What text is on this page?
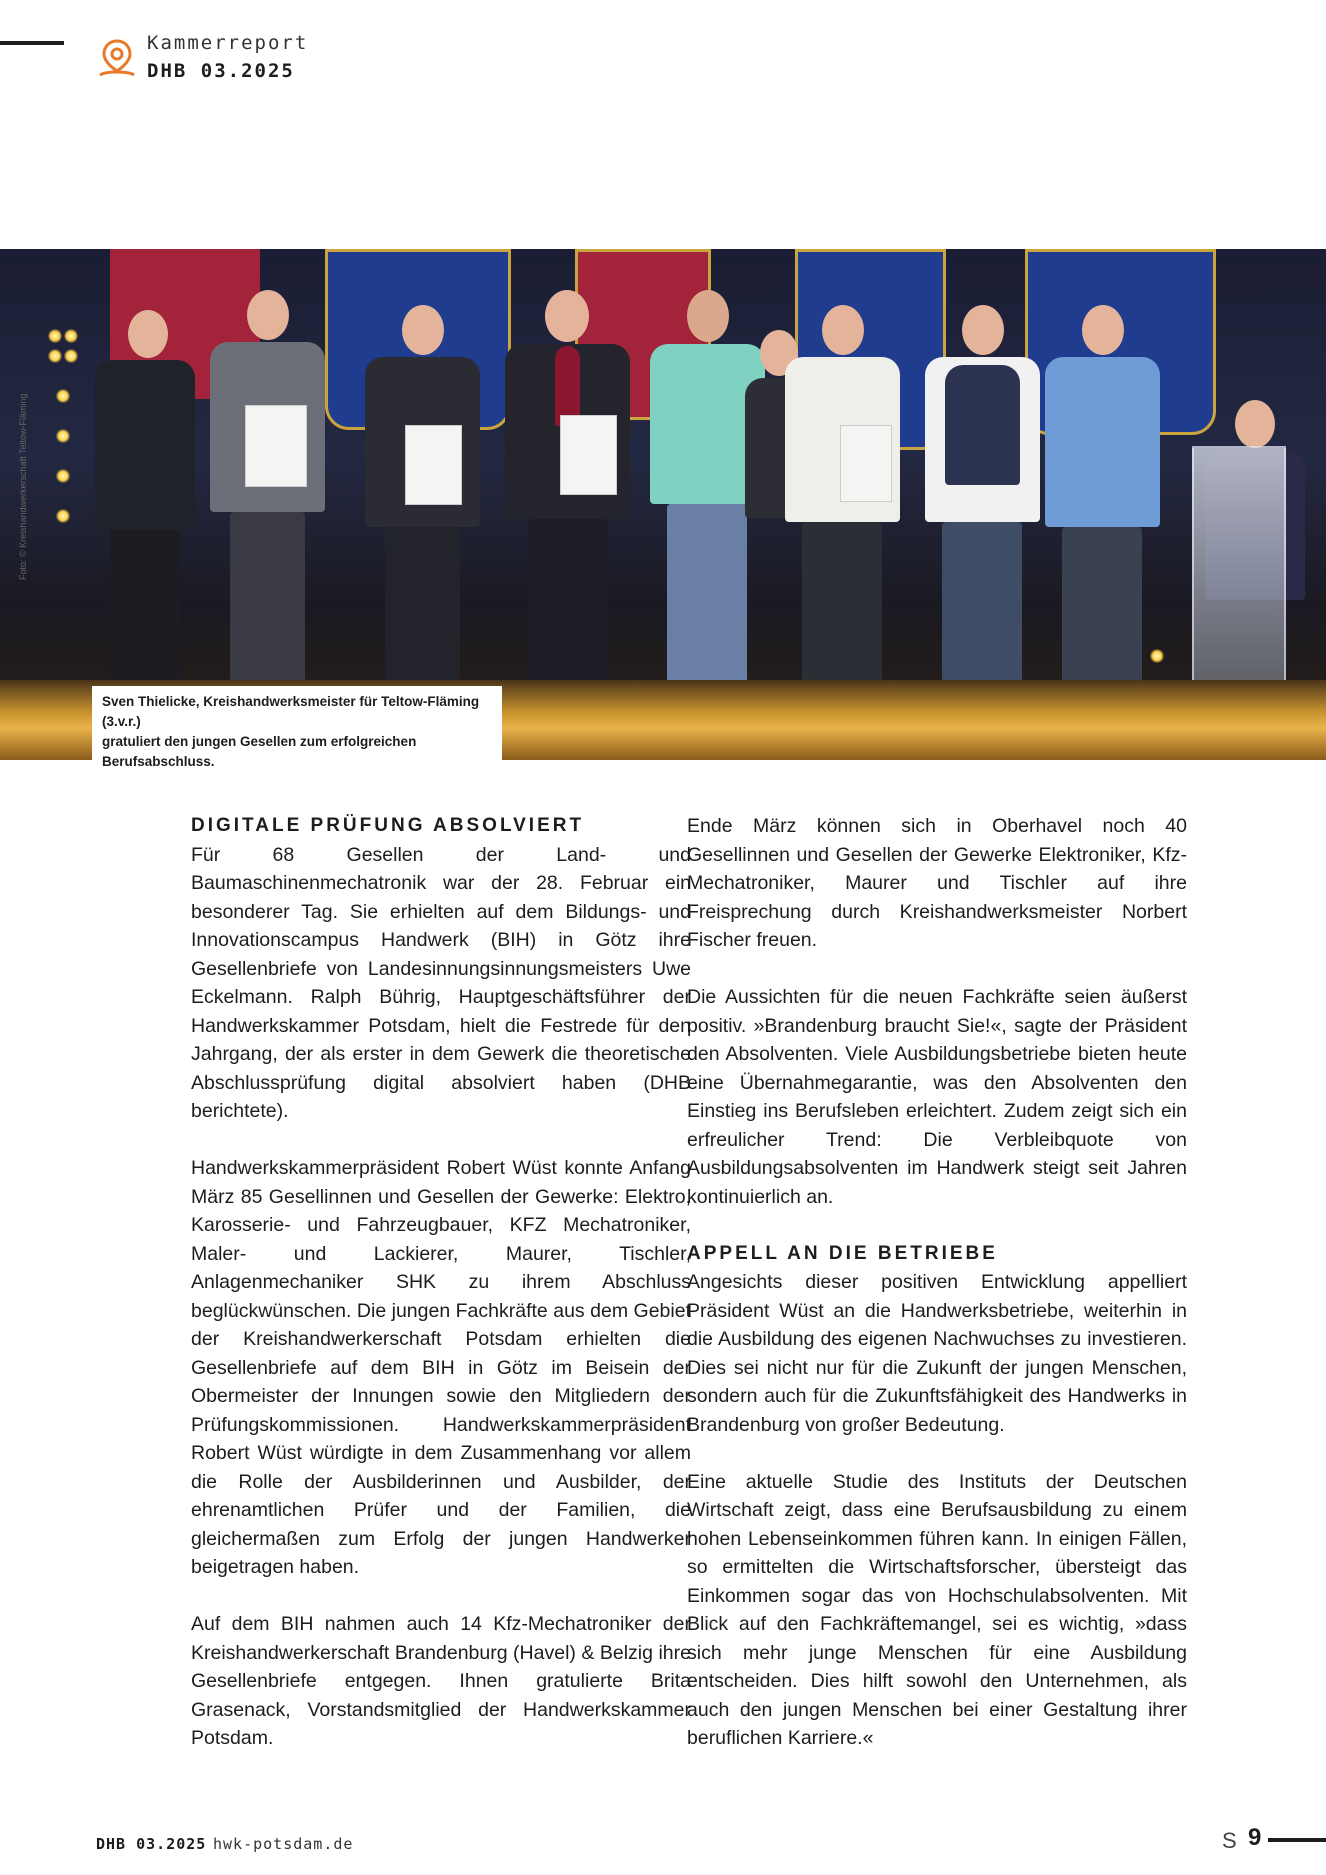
Kammerreport
DHB 03.2025
Foto: © Kreishandwerkerschaft Teltow-Fläming
Sven Thielicke, Kreishandwerksmeister für Teltow-Fläming (3.v.r.)
gratuliert den jungen Gesellen zum erfolgreichen Berufsabschluss.
DIGITALE PRÜFUNG ABSOLVIERT

Für 68 Gesellen der Land- und Baumaschinenmechatronik war der 28. Februar ein besonderer Tag. Sie erhielten auf dem Bildungs- und Innovationscampus Handwerk (BIH) in Götz ihre Gesellenbriefe von Landesinnungsinnungsmeisters Uwe Eckelmann. Ralph Bührig, Hauptgeschäftsführer der Handwerkskammer Potsdam, hielt die Festrede für den Jahrgang, der als erster in dem Gewerk die theoretische Abschlussprüfung digital absolviert haben (DHB berichtete).

Handwerkskammerpräsident Robert Wüst konnte Anfang März 85 Gesellinnen und Gesellen der Gewerke: Elektro, Karosserie- und Fahrzeugbauer, KFZ Mechatroniker, Maler- und Lackierer, Maurer, Tischler, Anlagenmechaniker SHK zu ihrem Abschluss beglückwünschen. Die jungen Fachkräfte aus dem Gebiet der Kreishandwerkerschaft Potsdam erhielten die Gesellenbriefe auf dem BIH in Götz im Beisein der Obermeister der Innungen sowie den Mitgliedern der Prüfungskommissionen. Handwerkskammerpräsident Robert Wüst würdigte in dem Zusammenhang vor allem die Rolle der Ausbilderinnen und Ausbilder, der ehrenamtlichen Prüfer und der Familien, die gleichermaßen zum Erfolg der jungen Handwerker beigetragen haben.

Auf dem BIH nahmen auch 14 Kfz-Mechatroniker der Kreishandwerkerschaft Brandenburg (Havel) & Belzig ihre Gesellenbriefe entgegen. Ihnen gratulierte Brita Grasenack, Vorstandsmitglied der Handwerkskammer Potsdam.

Ende März können sich in Oberhavel noch 40 Gesellinnen und Gesellen der Gewerke Elektroniker, Kfz-Mechatroniker, Maurer und Tischler auf ihre Freisprechung durch Kreishandwerksmeister Norbert Fischer freuen.

Die Aussichten für die neuen Fachkräfte seien äußerst positiv. »Brandenburg braucht Sie!«, sagte der Präsident den Absolventen. Viele Ausbildungsbetriebe bieten heute eine Übernahmegarantie, was den Absolventen den Einstieg ins Berufsleben erleichtert. Zudem zeigt sich ein erfreulicher Trend: Die Verbleibquote von Ausbildungsabsolventen im Handwerk steigt seit Jahren kontinuierlich an.

APPELL AN DIE BETRIEBE

Angesichts dieser positiven Entwicklung appelliert Präsident Wüst an die Handwerksbetriebe, weiterhin in die Ausbildung des eigenen Nachwuchses zu investieren. Dies sei nicht nur für die Zukunft der jungen Menschen, sondern auch für die Zukunftsfähigkeit des Handwerks in Brandenburg von großer Bedeutung.

Eine aktuelle Studie des Instituts der Deutschen Wirtschaft zeigt, dass eine Berufsausbildung zu einem hohen Lebenseinkommen führen kann. In einigen Fällen, so ermittelten die Wirtschaftsforscher, übersteigt das Einkommen sogar das von Hochschulabsolventen. Mit Blick auf den Fachkräftemangel, sei es wichtig, »dass sich mehr junge Menschen für eine Ausbildung entscheiden. Dies hilft sowohl den Unternehmen, als auch den jungen Menschen bei einer Gestaltung ihrer beruflichen Karriere.«

DHB 03.2025 hwk-potsdam.de	S 9
